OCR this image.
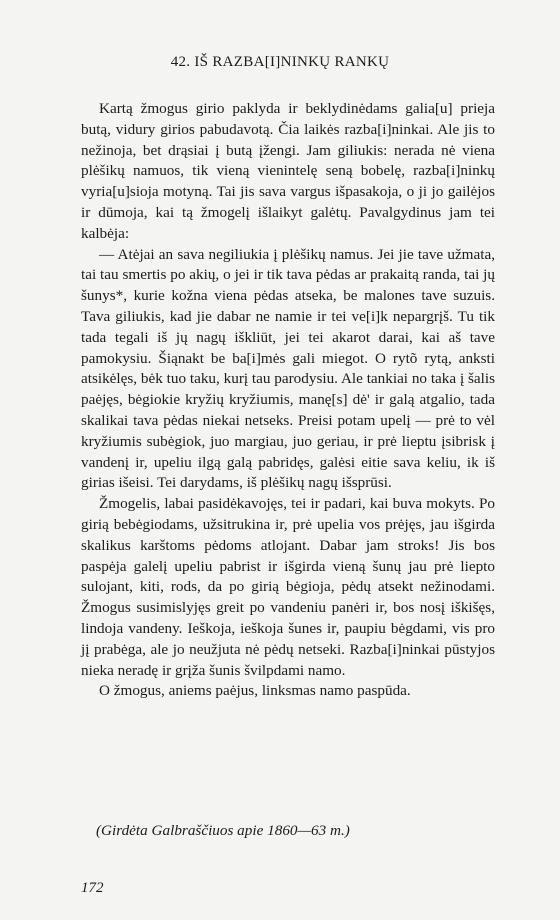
42. IŠ RAZBA[I]NINKŲ RANKŲ

Kartą žmogus girio paklyda ir beklydinėdams galia[u] prieja butą, vidury girios pabudavotą. Čia laikės razba[i]ninkai. Ale jis to nežinoja, bet drąsiai į butą įžengi. Jam giliukis: nerada nė viena plėšikų namuos, tik vieną vienintelę seną bobelę, razba[i]ninkų vyria[u]sioja motyną. Tai jis sava vargus išpasakoja, o ji jo gailėjos ir dūmoja, kai tą žmogelį išlaikyt galėtų. Pavalgydinus jam tei kalbėja:

— Atėjai an sava negiliukia į plėšikų namus. Jei jie tave užmata, tai tau smertis po akių, o jei ir tik tava pėdas ar prakaitą randa, tai jų šunys*, kurie kožna viena pėdas atseka, be malones tave suzuis. Tava giliukis, kad jie dabar ne namie ir tei ve[i]k nepargrįš. Tu tik tada tegali iš jų nagų iškliūt, jei tei akarot darai, kai aš tave pamokysiu. Šiąnakt be ba[i]mės gali miegot. O rytõ rytą, anksti atsikėlęs, bėk tuo taku, kurį tau parodysiu. Ale tankiai no taka į šalis paėjęs, bėgiokie kryžių kryžiumis, manę[s] dė' ir galą atgalio, tada skalikai tava pėdas niekai netseks. Preisi potam upelį — prė to vėl kryžiumis subėgiok, juo margiau, juo geriau, ir prė lieptu įsibrisk į vandenį ir, upeliu ilgą galą pabridęs, galėsi eitie sava keliu, ik iš girias išeisi. Tei darydams, iš plėšikų nagų išsprūsi.

Žmogelis, labai pasidėkavojęs, tei ir padari, kai buva mokyts. Po girią bebėgiodams, užsitrukina ir, prė upelia vos prėjęs, jau išgirda skalikus karštoms pėdoms atlojant. Dabar jam stroks! Jis bos paspėja galelį upeliu pabrist ir išgirda vieną šunų jau prė liepto sulojant, kiti, rods, da po girią bėgioja, pėdų atsekt nežinodami. Žmogus susimislyjęs greit po vandeniu panėri ir, bos nosį iškišęs, lindoja vandeny. Ieškoja, ieškoja šunes ir, paupiu bėgdami, vis pro jį prabėga, ale jo neužjuta nė pėdų netseki. Razba[i]ninkai pūstyjos nieka neradę ir grįža šunis švilpdami namo.

O žmogus, aniems paėjus, linksmas namo paspūda.

(Girdėta Galbraščiuos apie 1860—63 m.)
172
